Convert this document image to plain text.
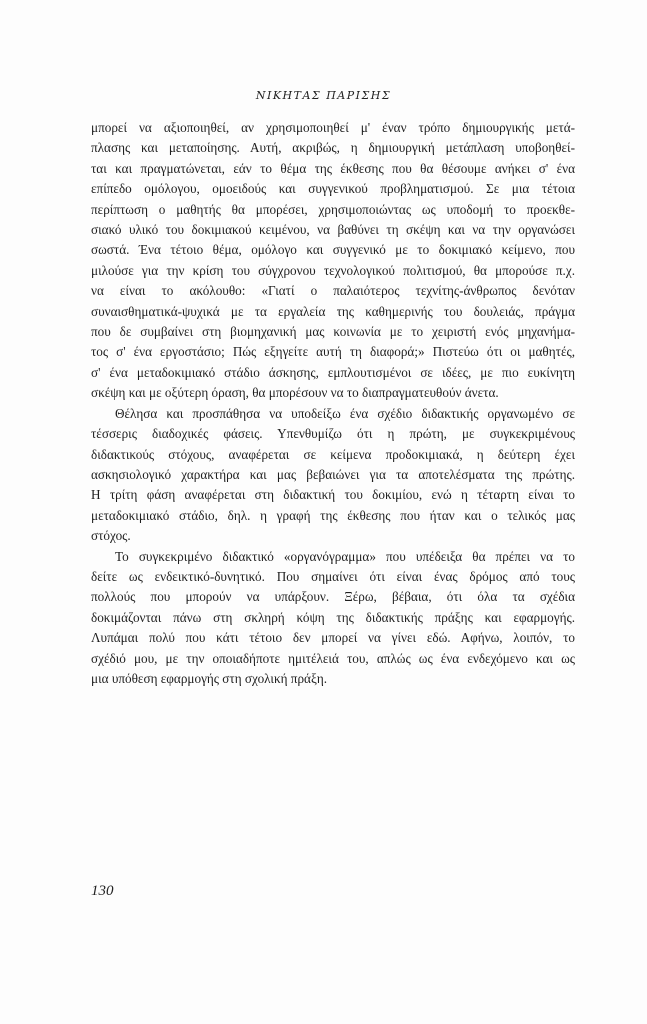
ΝΙΚΗΤΑΣ ΠΑΡΙΣΗΣ

μπορεί να αξιοποιηθεί, αν χρησιμοποιηθεί μ' έναν τρόπο δημιουργικής μετά-
πλασης και μεταποίησης. Αυτή, ακριβώς, η δημιουργική μετάπλαση υποβοηθεί-
ται και πραγματώνεται, εάν το θέμα της έκθεσης που θα θέσουμε ανήκει σ' ένα
επίπεδο ομόλογου, ομοειδούς και συγγενικού προβληματισμού. Σε μια τέτοια
περίπτωση ο μαθητής θα μπορέσει, χρησιμοποιώντας ως υποδομή το προεκθε-
σιακό υλικό του δοκιμιακού κειμένου, να βαθύνει τη σκέψη και να την οργανώσει
σωστά. Ένα τέτοιο θέμα, ομόλογο και συγγενικό με το δοκιμιακό κείμενο, που
μιλούσε για την κρίση του σύγχρονου τεχνολογικού πολιτισμού, θα μπορούσε π.χ.
να είναι το ακόλουθο: «Γιατί ο παλαιότερος τεχνίτης-άνθρωπος δενόταν
συναισθηματικά-ψυχικά με τα εργαλεία της καθημερινής του δουλειάς, πράγμα
που δε συμβαίνει στη βιομηχανική μας κοινωνία με το χειριστή ενός μηχανήμα-
τος σ' ένα εργοστάσιο; Πώς εξηγείτε αυτή τη διαφορά;» Πιστεύω ότι οι μαθητές,
σ' ένα μεταδοκιμιακό στάδιο άσκησης, εμπλουτισμένοι σε ιδέες, με πιο ευκίνητη
σκέψη και με οξύτερη όραση, θα μπορέσουν να το διαπραγματευθούν άνετα.

Θέλησα και προσπάθησα να υποδείξω ένα σχέδιο διδακτικής οργανωμένο σε
τέσσερις διαδοχικές φάσεις. Υπενθυμίζω ότι η πρώτη, με συγκεκριμένους
διδακτικούς στόχους, αναφέρεται σε κείμενα προδοκιμιακά, η δεύτερη έχει
ασκησιολογικό χαρακτήρα και μας βεβαιώνει για τα αποτελέσματα της πρώτης.
Η τρίτη φάση αναφέρεται στη διδακτική του δοκιμίου, ενώ η τέταρτη είναι το
μεταδοκιμιακό στάδιο, δηλ. η γραφή της έκθεσης που ήταν και ο τελικός μας
στόχος.

Το συγκεκριμένο διδακτικό «οργανόγραμμα» που υπέδειξα θα πρέπει να το
δείτε ως ενδεικτικό-δυνητικό. Που σημαίνει ότι είναι ένας δρόμος από τους
πολλούς που μπορούν να υπάρξουν. Ξέρω, βέβαια, ότι όλα τα σχέδια
δοκιμάζονται πάνω στη σκληρή κόψη της διδακτικής πράξης και εφαρμογής.
Λυπάμαι πολύ που κάτι τέτοιο δεν μπορεί να γίνει εδώ. Αφήνω, λοιπόν, το
σχέδιό μου, με την οποιαδήποτε ημιτέλειά του, απλώς ως ένα ενδεχόμενο και ως
μια υπόθεση εφαρμογής στη σχολική πράξη.

130
